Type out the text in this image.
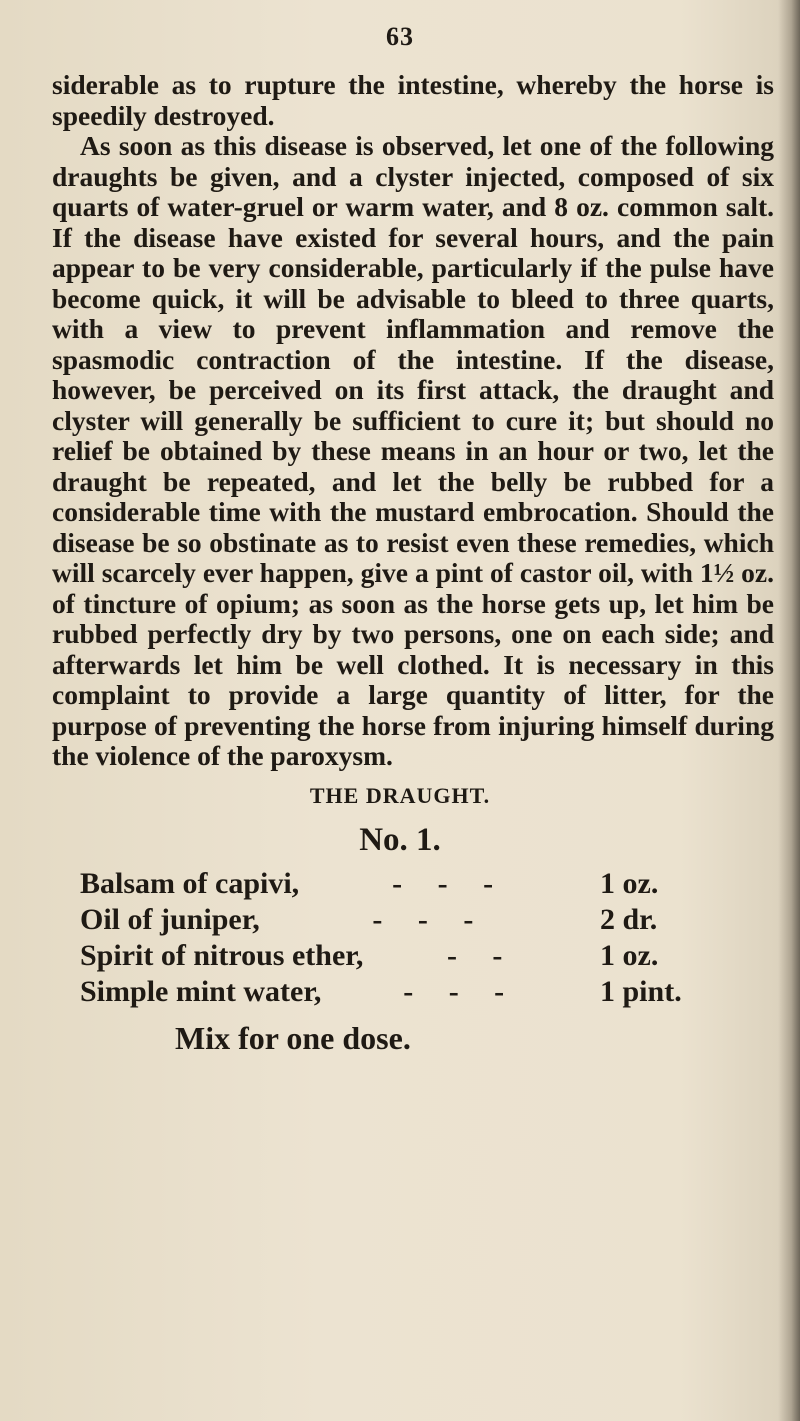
63

siderable as to rupture the intestine, whereby the horse is speedily destroyed.

As soon as this disease is observed, let one of the following draughts be given, and a clyster injected, composed of six quarts of water-gruel or warm water, and 8 oz. common salt. If the disease have existed for several hours, and the pain appear to be very considerable, particularly if the pulse have become quick, it will be advisable to bleed to three quarts, with a view to prevent inflammation and remove the spasmodic contraction of the intestine. If the disease, however, be perceived on its first attack, the draught and clyster will generally be sufficient to cure it; but should no relief be obtained by these means in an hour or two, let the draught be repeated, and let the belly be rubbed for a considerable time with the mustard embrocation. Should the disease be so obstinate as to resist even these remedies, which will scarcely ever happen, give a pint of castor oil, with 1½ oz. of tincture of opium; as soon as the horse gets up, let him be rubbed perfectly dry by two persons, one on each side; and afterwards let him be well clothed. It is necessary in this complaint to provide a large quantity of litter, for the purpose of preventing the horse from injuring himself during the violence of the paroxysm.

THE DRAUGHT.
No. 1.
Balsam of capivi,	- - -	1 oz.
Oil of juniper,	- - -	2 dr.
Spirit of nitrous ether,	- -	1 oz.
Simple mint water,	- - -	1 pint.
Mix for one dose.
